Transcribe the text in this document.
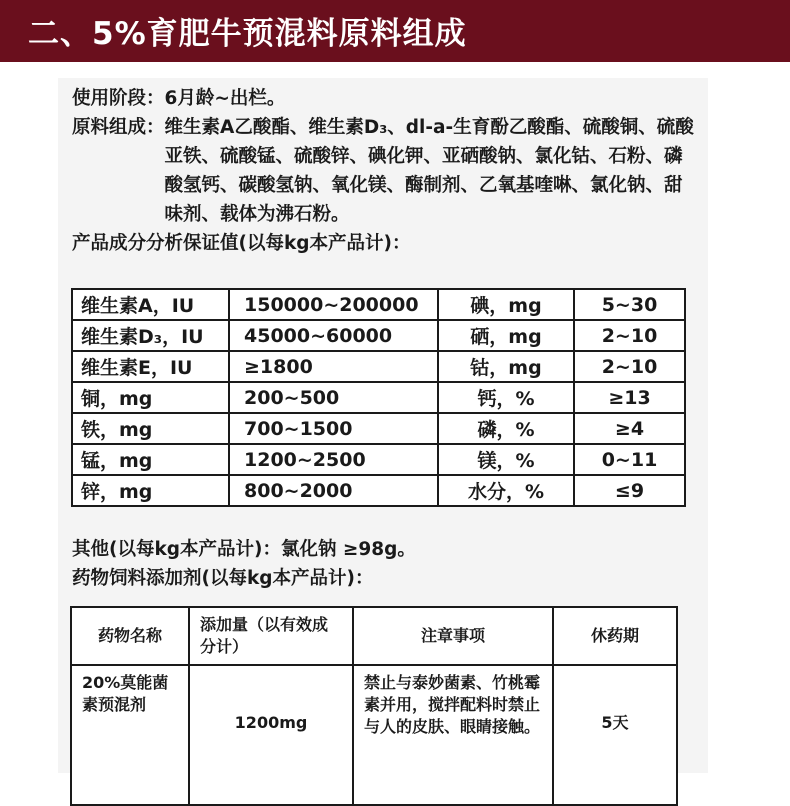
二、5%育肥牛预混料原料组成
使用阶段：6月龄~出栏。
原料组成： 维生素A乙酸酯、维生素D₃、dl-a-生育酚乙酸酯、硫酸铜、硫酸亚铁、硫酸锰、硫酸锌、碘化钾、亚硒酸钠、氯化钴、石粉、磷酸氢钙、碳酸氢钠、氧化镁、酶制剂、乙氧基喹啉、氯化钠、甜味剂、载体为沸石粉。
产品成分分析保证值(以每kg本产品计)：
维生素A，IU	150000~200000	碘，mg	5~30
维生素D₃，IU	45000~60000	硒，mg	2~10
维生素E，IU	≥1800	钴，mg	2~10
铜，mg	200~500	钙，%	≥13
铁，mg	700~1500	磷，%	≥4
锰，mg	1200~2500	镁，%	0~11
锌，mg	800~2000	水分，%	≤9
其他(以每kg本产品计)：氯化钠 ≥98g。
药物饲料添加剂(以每kg本产品计)：
药物名称	添加量（以有效成分计）	注章事项	休药期
20%莫能菌素预混剂	1200mg	禁止与泰妙菌素、竹桃霉素并用，搅拌配料时禁止与人的皮肤、眼睛接触。	5天
